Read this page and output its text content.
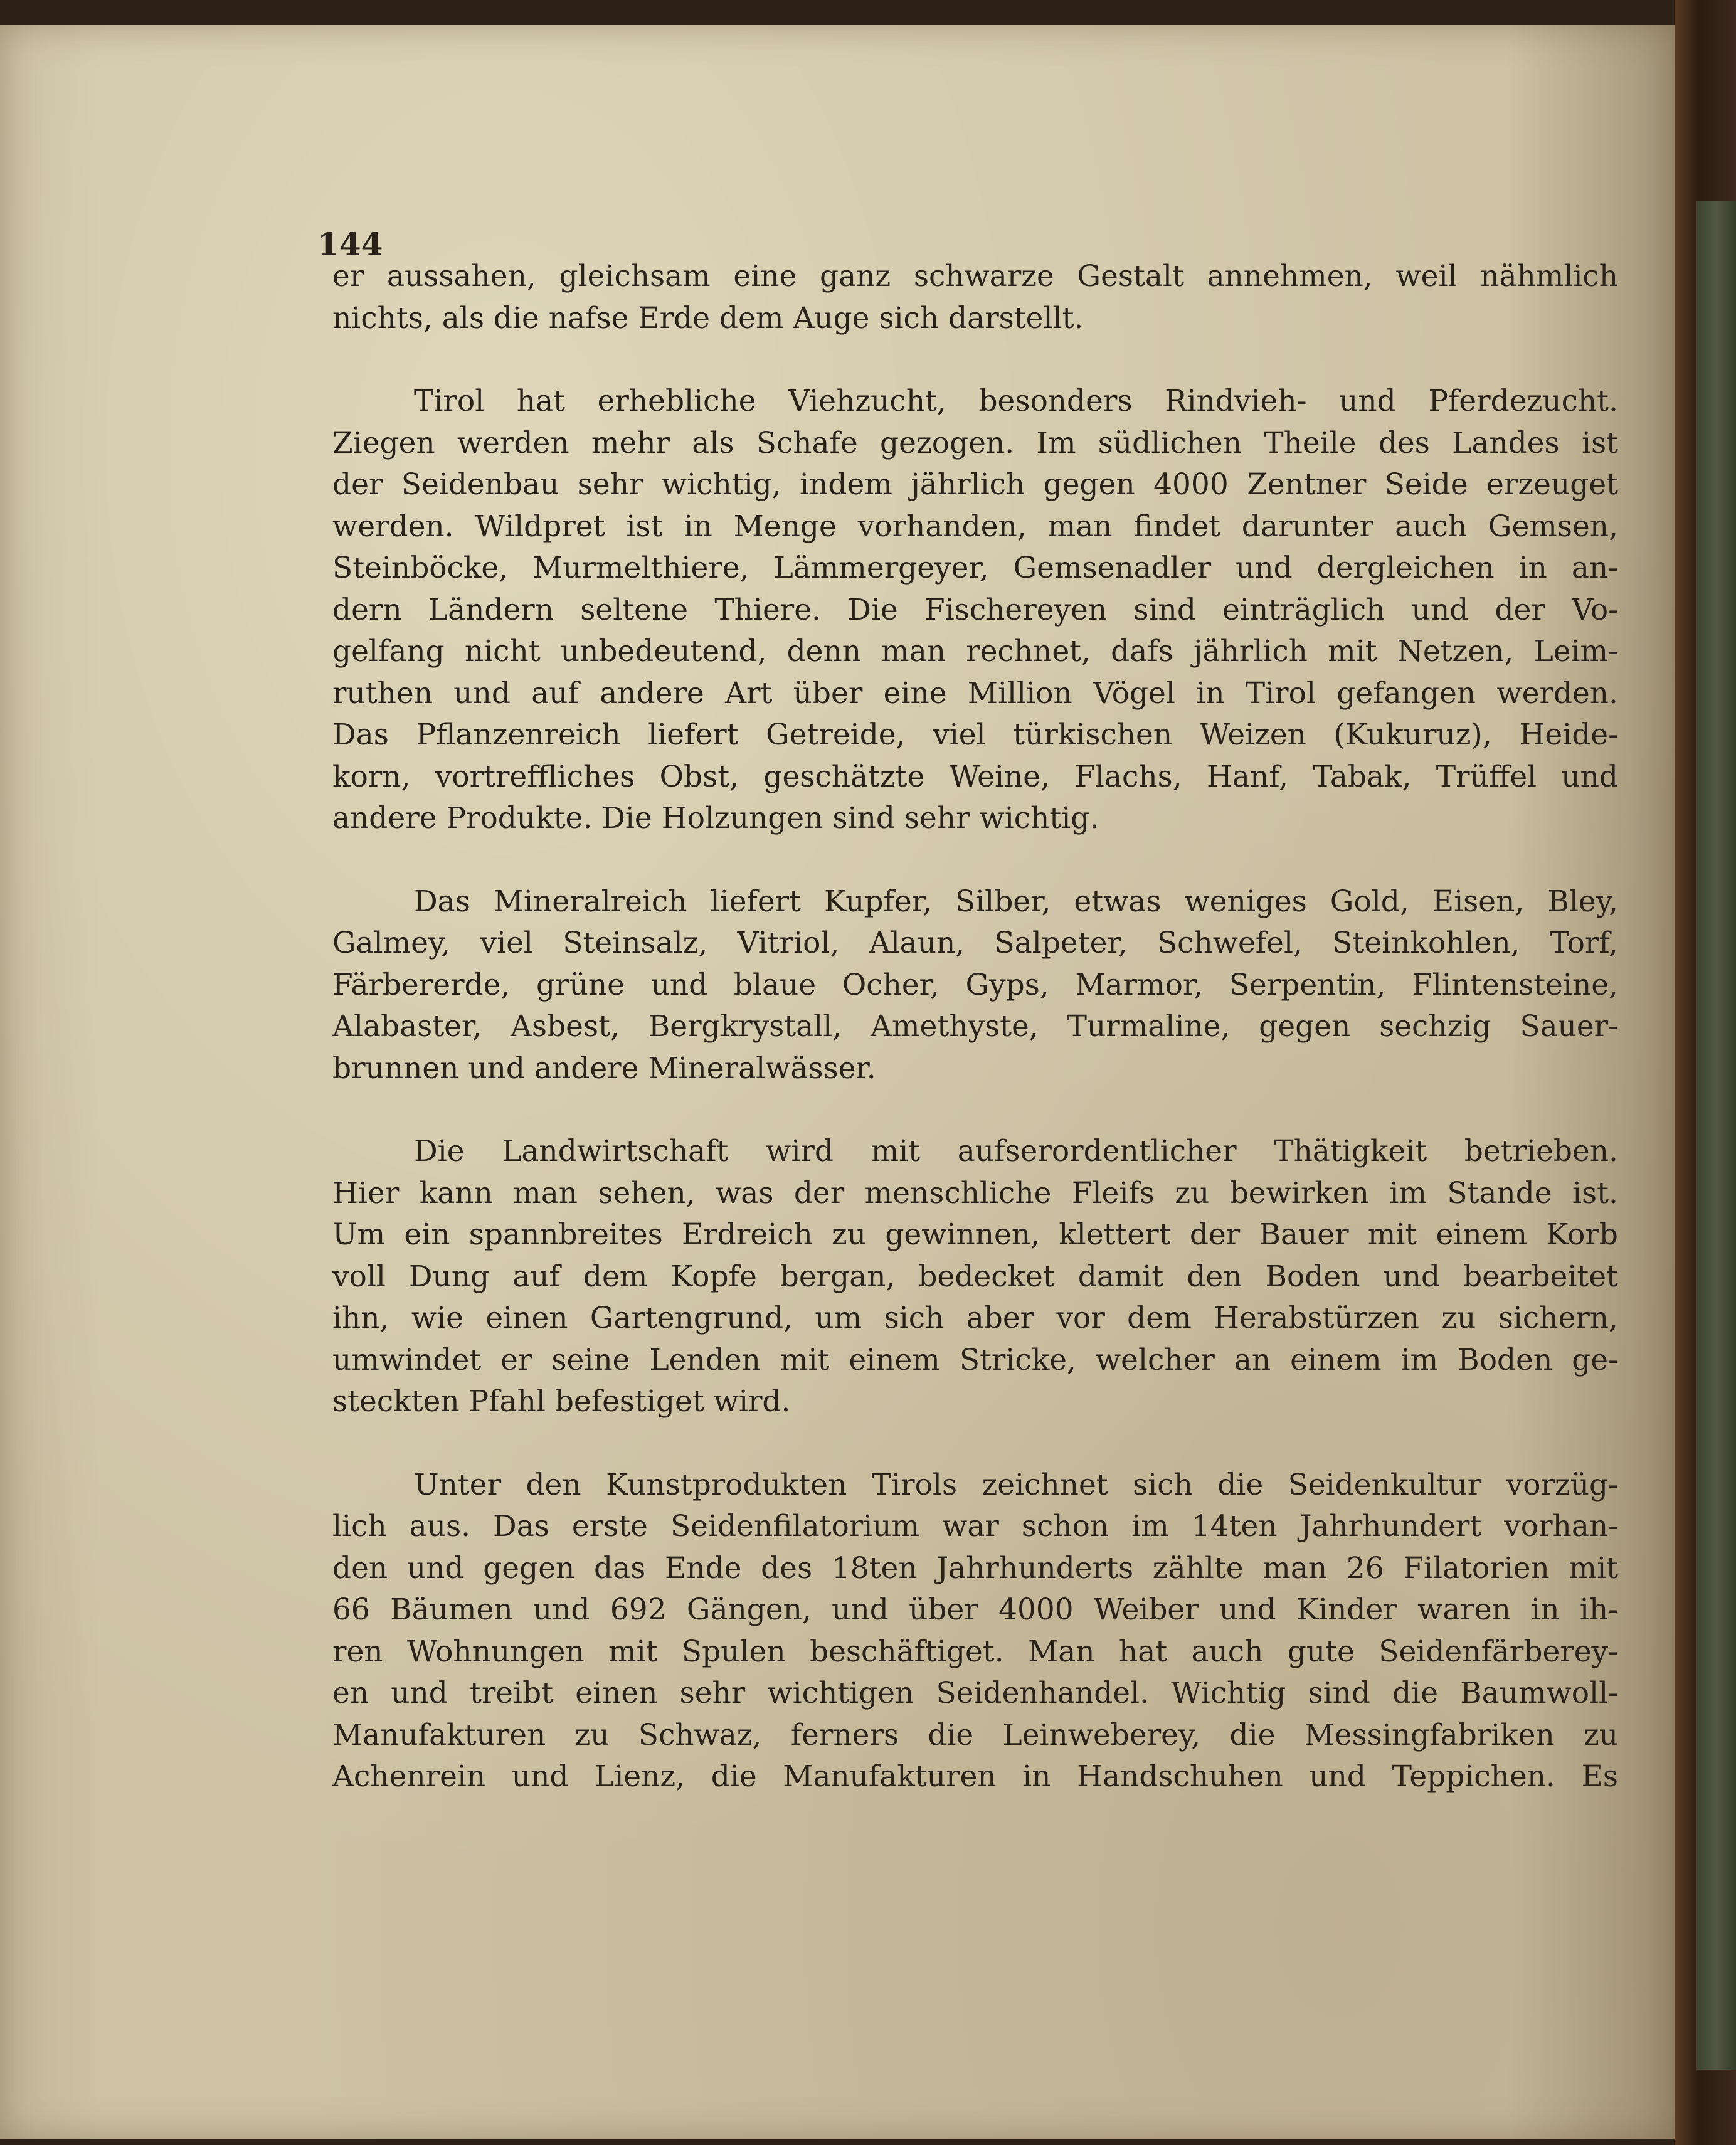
144
er aussahen, gleichsam eine ganz schwarze Gestalt annehmen, weil nähmlich
nichts, als die nafse Erde dem Auge sich darstellt.
Tirol hat erhebliche Viehzucht, besonders Rindvieh- und Pferdezucht.
Ziegen werden mehr als Schafe gezogen. Im südlichen Theile des Landes ist
der Seidenbau sehr wichtig, indem jährlich gegen 4000 Zentner Seide erzeuget
werden. Wildpret ist in Menge vorhanden, man findet darunter auch Gemsen,
Steinböcke, Murmelthiere, Lämmergeyer, Gemsenadler und dergleichen in an-
dern Ländern seltene Thiere. Die Fischereyen sind einträglich und der Vo-
gelfang nicht unbedeutend, denn man rechnet, dafs jährlich mit Netzen, Leim-
ruthen und auf andere Art über eine Million Vögel in Tirol gefangen werden.
Das Pflanzenreich liefert Getreide, viel türkischen Weizen (Kukuruz), Heide-
korn, vortreffliches Obst, geschätzte Weine, Flachs, Hanf, Tabak, Trüffel und
andere Produkte. Die Holzungen sind sehr wichtig.
Das Mineralreich liefert Kupfer, Silber, etwas weniges Gold, Eisen, Bley,
Galmey, viel Steinsalz, Vitriol, Alaun, Salpeter, Schwefel, Steinkohlen, Torf,
Färbererde, grüne und blaue Ocher, Gyps, Marmor, Serpentin, Flintensteine,
Alabaster, Asbest, Bergkrystall, Amethyste, Turmaline, gegen sechzig Sauer-
brunnen und andere Mineralwässer.
Die Landwirtschaft wird mit aufserordentlicher Thätigkeit betrieben.
Hier kann man sehen, was der menschliche Fleifs zu bewirken im Stande ist.
Um ein spannbreites Erdreich zu gewinnen, klettert der Bauer mit einem Korb
voll Dung auf dem Kopfe bergan, bedecket damit den Boden und bearbeitet
ihn, wie einen Gartengrund, um sich aber vor dem Herabstürzen zu sichern,
umwindet er seine Lenden mit einem Stricke, welcher an einem im Boden ge-
steckten Pfahl befestiget wird.
Unter den Kunstprodukten Tirols zeichnet sich die Seidenkultur vorzüg-
lich aus. Das erste Seidenfilatorium war schon im 14ten Jahrhundert vorhan-
den und gegen das Ende des 18ten Jahrhunderts zählte man 26 Filatorien mit
66 Bäumen und 692 Gängen, und über 4000 Weiber und Kinder waren in ih-
ren Wohnungen mit Spulen beschäftiget. Man hat auch gute Seidenfärberey-
en und treibt einen sehr wichtigen Seidenhandel. Wichtig sind die Baumwoll-
Manufakturen zu Schwaz, ferners die Leinweberey, die Messingfabriken zu
Achenrein und Lienz, die Manufakturen in Handschuhen und Teppichen. Es
